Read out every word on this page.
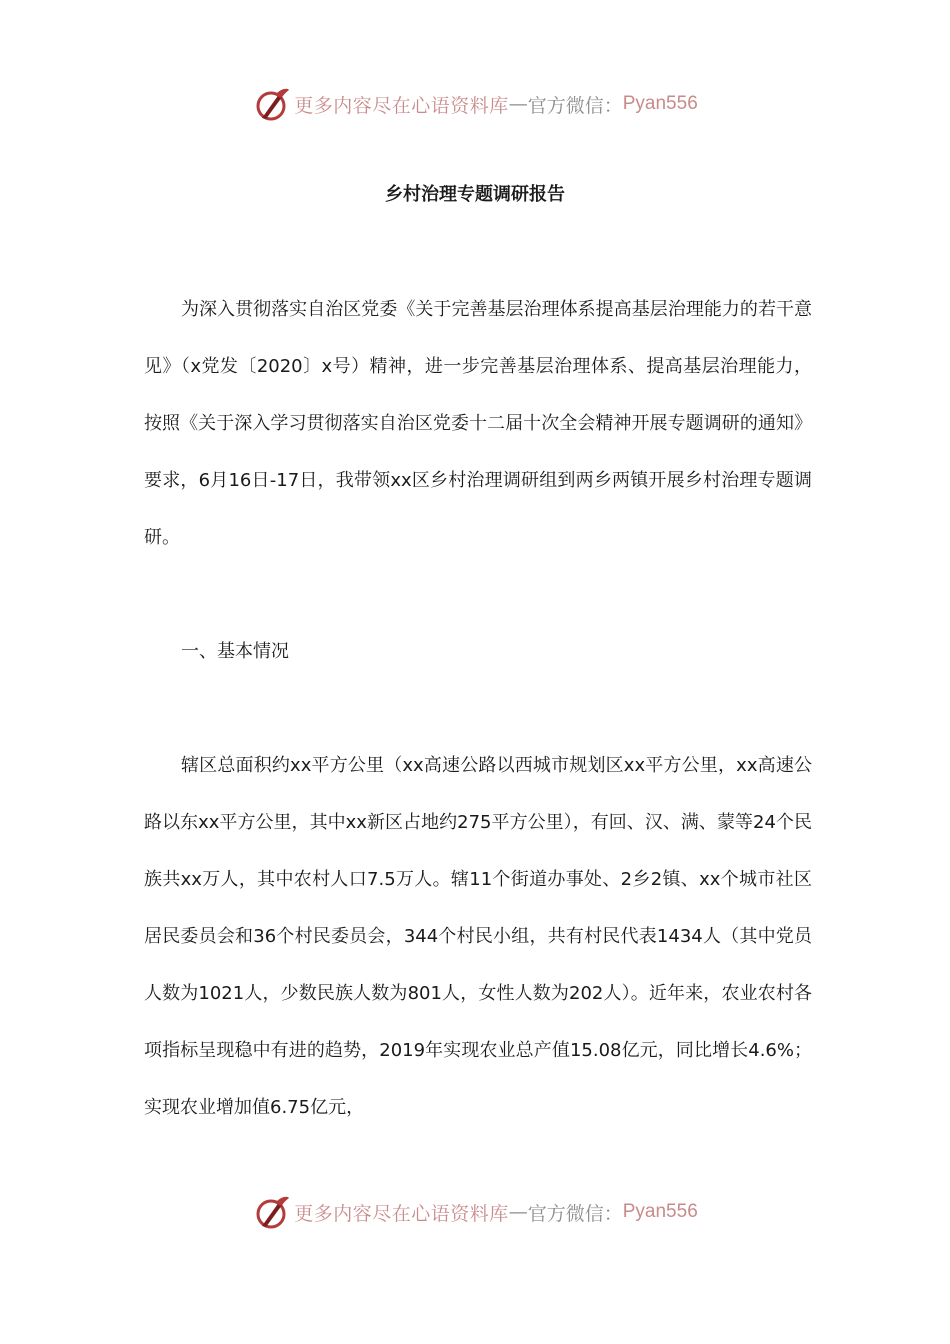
更多内容尽在心语资料库 — 官方微信： Pyan556
乡村治理专题调研报告

为深入贯彻落实自治区党委《关于完善基层治理体系提高基层治理能力的若干意见》（x党发〔2020〕x号）精神，进一步完善基层治理体系、提高基层治理能力，按照《关于深入学习贯彻落实自治区党委十二届十次全会精神开展专题调研的通知》要求，6月16日-17日，我带领xx区乡村治理调研组到两乡两镇开展乡村治理专题调研。

一、基本情况

辖区总面积约xx平方公里（xx高速公路以西城市规划区xx平方公里，xx高速公路以东xx平方公里，其中xx新区占地约275平方公里），有回、汉、满、蒙等24个民族共xx万人，其中农村人口7.5万人。辖11个街道办事处、2乡2镇、xx个城市社区居民委员会和36个村民委员会，344个村民小组，共有村民代表1434人（其中党员人数为1021人，少数民族人数为801人，女性人数为202人）。近年来，农业农村各项指标呈现稳中有进的趋势，2019年实现农业总产值15.08亿元，同比增长4.6%；实现农业增加值6.75亿元，

更多内容尽在心语资料库 — 官方微信： Pyan556
